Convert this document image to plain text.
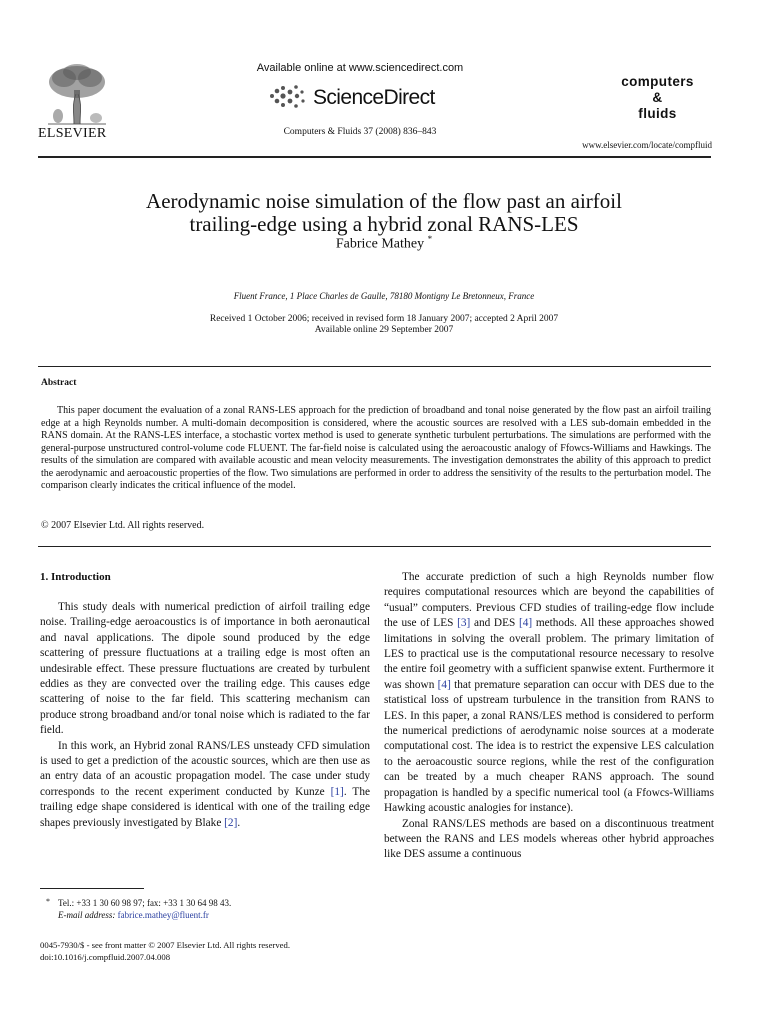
ELSEVIER
Available online at www.sciencedirect.com
ScienceDirect
Computers & Fluids 37 (2008) 836–843
computers
&
fluids
www.elsevier.com/locate/compfluid
Aerodynamic noise simulation of the flow past an airfoil
trailing-edge using a hybrid zonal RANS-LES
Fabrice Mathey *
Fluent France, 1 Place Charles de Gaulle, 78180 Montigny Le Bretonneux, France
Received 1 October 2006; received in revised form 18 January 2007; accepted 2 April 2007
Available online 29 September 2007
Abstract

This paper document the evaluation of a zonal RANS-LES approach for the prediction of broadband and tonal noise generated by the flow past an airfoil trailing edge at a high Reynolds number. A multi-domain decomposition is considered, where the acoustic sources are resolved with a LES sub-domain embedded in the RANS domain. At the RANS-LES interface, a stochastic vortex method is used to generate synthetic turbulent perturbations. The simulations are performed with the general-purpose unstructured control-volume code FLUENT. The far-field noise is calculated using the aeroacoustic analogy of Ffowcs-Williams and Hawkings. The results of the simulation are compared with available acoustic and mean velocity measurements. The investigation demonstrates the ability of this approach to predict the aerodynamic and aeroacoustic properties of the flow. Two simulations are performed in order to address the sensitivity of the results to the perturbation model. The comparison clearly indicates the critical influence of the model.

© 2007 Elsevier Ltd. All rights reserved.
1. Introduction

This study deals with numerical prediction of airfoil trailing edge noise. Trailing-edge aeroacoustics is of importance in both aeronautical and naval applications. The dipole sound produced by the edge scattering of pressure fluctuations at a trailing edge is most often an undesirable effect. These pressure fluctuations are created by turbulent eddies as they are convected over the trailing edge. This causes edge scattering of noise to the far field. This scattering mechanism can produce strong broadband and/or tonal noise which is radiated to the far field.

In this work, an Hybrid zonal RANS/LES unsteady CFD simulation is used to get a prediction of the acoustic sources, which are then use as an entry data of an acoustic propagation model. The case under study corresponds to the recent experiment conducted by Kunze [1]. The trailing edge shape considered is identical with one of the trailing edge shapes previously investigated by Blake [2].

The accurate prediction of such a high Reynolds number flow requires computational resources which are beyond the capabilities of “usual” computers. Previous CFD studies of trailing-edge flow include the use of LES [3] and DES [4] methods. All these approaches showed limitations in solving the overall problem. The primary limitation of LES to practical use is the computational resource necessary to resolve the entire foil geometry with a sufficient spanwise extent. Furthermore it was shown [4] that premature separation can occur with DES due to the statistical loss of upstream turbulence in the transition from RANS to LES. In this paper, a zonal RANS/LES method is considered to perform the numerical predictions of aerodynamic noise sources at a moderate computational cost. The idea is to restrict the expensive LES calculation to the aeroacoustic source regions, while the rest of the configuration can be treated by a much cheaper RANS approach. The sound propagation is handled by a specific numerical tool (a Ffowcs-Williams Hawking acoustic analogies for instance).

Zonal RANS/LES methods are based on a discontinuous treatment between the RANS and LES models whereas other hybrid approaches like DES assume a continuous

* Tel.: +33 1 30 60 98 97; fax: +33 1 30 64 98 43.
E-mail address: fabrice.mathey@fluent.fr
0045-7930/$ - see front matter © 2007 Elsevier Ltd. All rights reserved.
doi:10.1016/j.compfluid.2007.04.008
